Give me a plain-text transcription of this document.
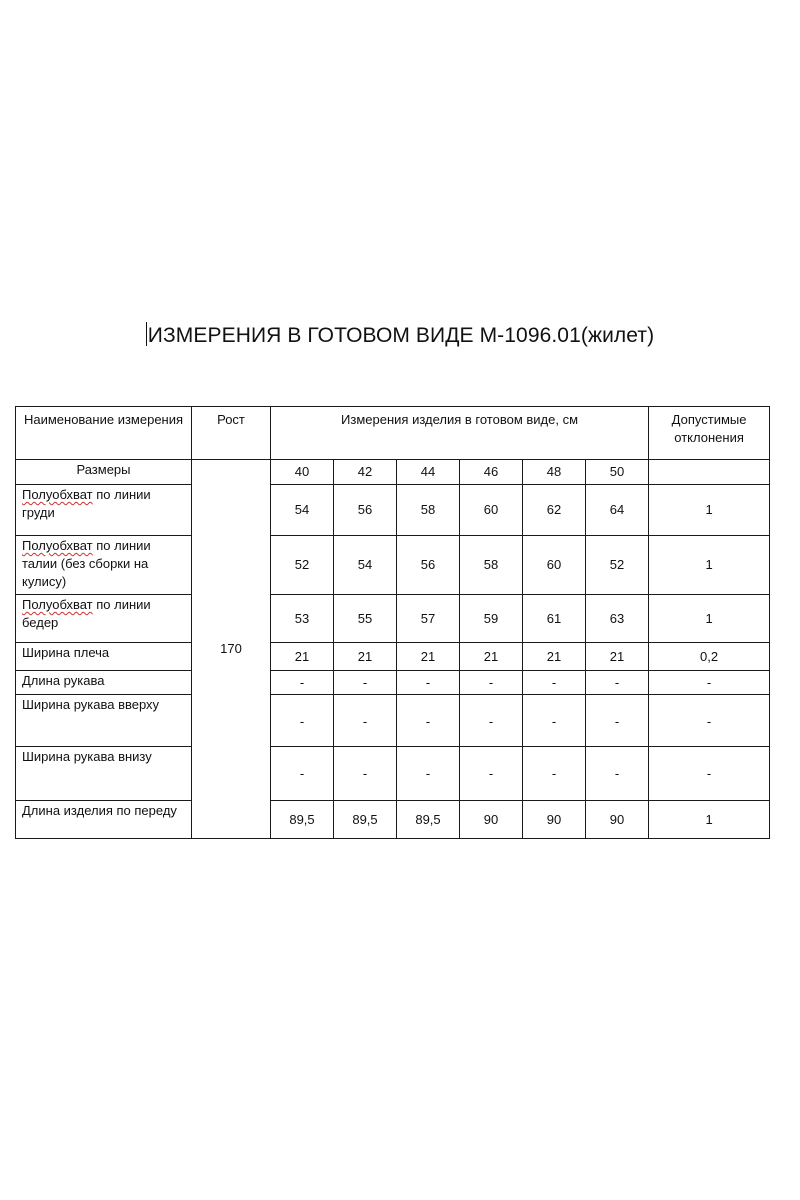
ИЗМЕРЕНИЯ В ГОТОВОМ ВИДЕ М-1096.01(жилет)
Наименование измерения	Рост	Измерения изделия в готовом виде, см						Допустимые отклонения
Размеры	170	40	42	44	46	48	50	
Полуобхват по линии груди		54	56	58	60	62	64	1
Полуобхват по линии талии (без сборки на кулису)		52	54	56	58	60	52	1
Полуобхват по линии бедер		53	55	57	59	61	63	1
Ширина плеча		21	21	21	21	21	21	0,2
Длина рукава		-	-	-	-	-	-	-
Ширина рукава вверху		-	-	-	-	-	-	-
Ширина рукава внизу		-	-	-	-	-	-	-
Длина изделия по переду		89,5	89,5	89,5	90	90	90	1
